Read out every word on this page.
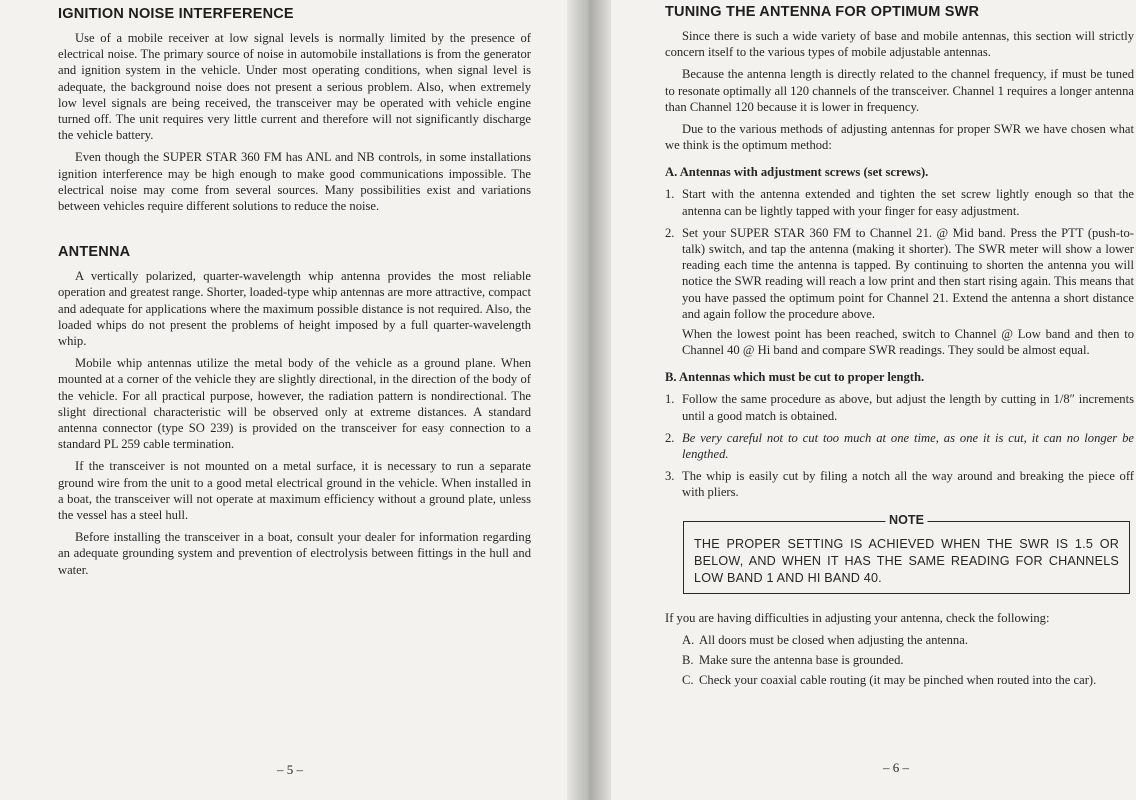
IGNITION NOISE INTERFERENCE

Use of a mobile receiver at low signal levels is normally limited by the presence of electrical noise. The primary source of noise in automobile installations is from the generator and ignition system in the vehicle. Under most operating conditions, when signal level is adequate, the background noise does not present a serious problem. Also, when extremely low level signals are being received, the transceiver may be operated with vehicle engine turned off. The unit requires very little current and therefore will not significantly discharge the vehicle battery.

Even though the SUPER STAR 360 FM has ANL and NB controls, in some installations ignition interference may be high enough to make good communications impossible. The electrical noise may come from several sources. Many possibilities exist and variations between vehicles require different solutions to reduce the noise.

ANTENNA

A vertically polarized, quarter-wavelength whip antenna provides the most reliable operation and greatest range. Shorter, loaded-type whip antennas are more attractive, compact and adequate for applications where the maximum possible distance is not required. Also, the loaded whips do not present the problems of height imposed by a full quarter-wavelength whip.

Mobile whip antennas utilize the metal body of the vehicle as a ground plane. When mounted at a corner of the vehicle they are slightly directional, in the direction of the body of the vehicle. For all practical purpose, however, the radiation pattern is nondirectional. The slight directional characteristic will be observed only at extreme distances. A standard antenna connector (type SO 239) is provided on the transceiver for easy connection to a standard PL 259 cable termination.

If the transceiver is not mounted on a metal surface, it is necessary to run a separate ground wire from the unit to a good metal electrical ground in the vehicle. When installed in a boat, the transceiver will not operate at maximum efficiency without a ground plate, unless the vessel has a steel hull.

Before installing the transceiver in a boat, consult your dealer for information regarding an adequate grounding system and prevention of electrolysis between fittings in the hull and water.

– 5 –
TUNING THE ANTENNA FOR OPTIMUM SWR

Since there is such a wide variety of base and mobile antennas, this section will strictly concern itself to the various types of mobile adjustable antennas.

Because the antenna length is directly related to the channel frequency, if must be tuned to resonate optimally all 120 channels of the transceiver. Channel 1 requires a longer antenna than Channel 120 because it is lower in frequency.

Due to the various methods of adjusting antennas for proper SWR we have chosen what we think is the optimum method:

A. Antennas with adjustment screws (set screws).
1. Start with the antenna extended and tighten the set screw lightly enough so that the antenna can be lightly tapped with your finger for easy adjustment.
2. Set your SUPER STAR 360 FM to Channel 21. @ Mid band. Press the PTT (push-to-talk) switch, and tap the antenna (making it shorter). The SWR meter will show a lower reading each time the antenna is tapped. By continuing to shorten the antenna you will notice the SWR reading will reach a low print and then start rising again. This means that you have passed the optimum point for Channel 21. Extend the antenna a short distance and again follow the procedure above.

When the lowest point has been reached, switch to Channel @ Low band and then to Channel 40 @ Hi band and compare SWR readings. They sould be almost equal.

B. Antennas which must be cut to proper length.
1. Follow the same procedure as above, but adjust the length by cutting in 1/8″ increments until a good match is obtained.
2. Be very careful not to cut too much at one time, as one it is cut, it can no longer be lengthed.
3. The whip is easily cut by filing a notch all the way around and breaking the piece off with pliers.
NOTE
THE PROPER SETTING IS ACHIEVED WHEN THE SWR IS 1.5 OR BELOW, AND WHEN IT HAS THE SAME READING FOR CHANNELS LOW BAND 1 AND HI BAND 40.

If you are having difficulties in adjusting your antenna, check the following:

A. All doors must be closed when adjusting the antenna.
B. Make sure the antenna base is grounded.
C. Check your coaxial cable routing (it may be pinched when routed into the car).
– 6 –
